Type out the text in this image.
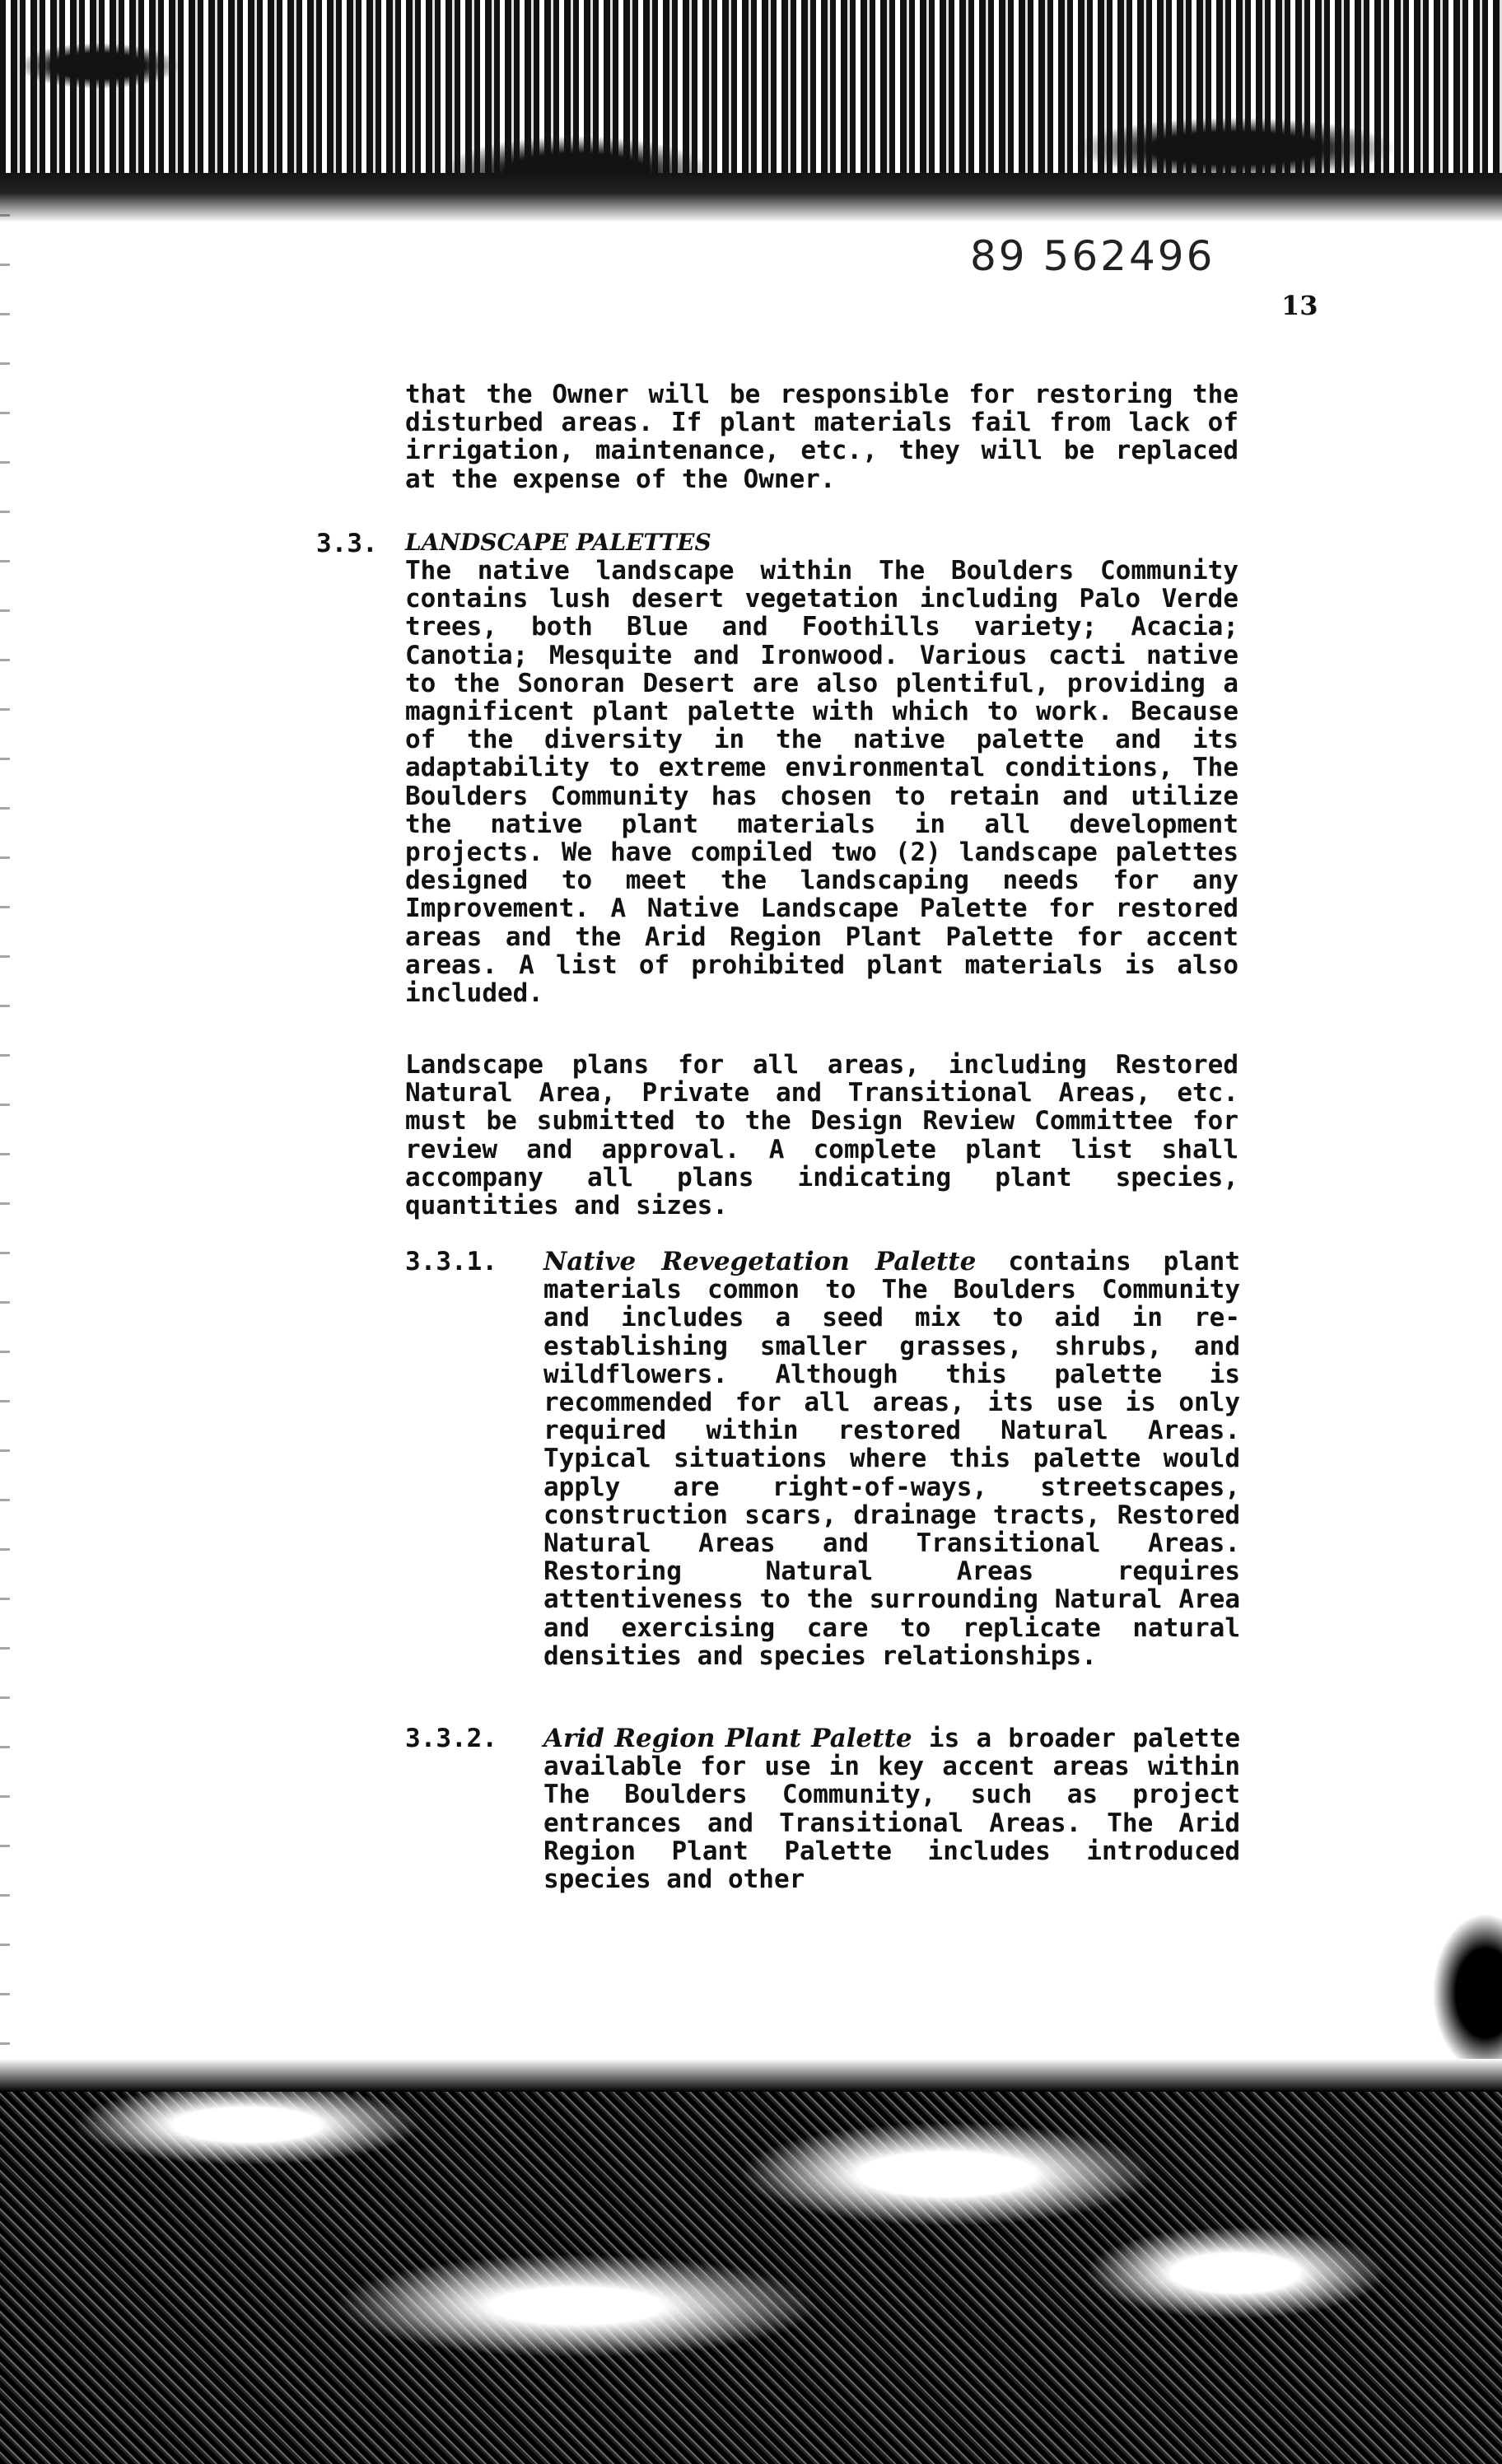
89 562496
13

that the Owner will be responsible for restoring the disturbed areas. If plant materials fail from lack of irrigation, maintenance, etc., they will be replaced at the expense of the Owner.

3.3. LANDSCAPE PALETTES

The native landscape within The Boulders Community contains lush desert vegetation including Palo Verde trees, both Blue and Foothills variety; Acacia; Canotia; Mesquite and Ironwood. Various cacti native to the Sonoran Desert are also plentiful, providing a magnificent plant palette with which to work. Because of the diversity in the native palette and its adaptability to extreme environmental conditions, The Boulders Community has chosen to retain and utilize the native plant materials in all development projects. We have compiled two (2) landscape palettes designed to meet the landscaping needs for any Improvement. A Native Landscape Palette for restored areas and the Arid Region Plant Palette for accent areas. A list of prohibited plant materials is also included.

Landscape plans for all areas, including Restored Natural Area, Private and Transitional Areas, etc. must be submitted to the Design Review Committee for review and approval. A complete plant list shall accompany all plans indicating plant species, quantities and sizes.

3.3.1. Native Revegetation Palette contains plant materials common to The Boulders Community and includes a seed mix to aid in re-establishing smaller grasses, shrubs, and wildflowers. Although this palette is recommended for all areas, its use is only required within restored Natural Areas. Typical situations where this palette would apply are right-of-ways, streetscapes, construction scars, drainage tracts, Restored Natural Areas and Transitional Areas. Restoring Natural Areas requires attentiveness to the surrounding Natural Area and exercising care to replicate natural densities and species relationships.

3.3.2. Arid Region Plant Palette is a broader palette available for use in key accent areas within The Boulders Community, such as project entrances and Transitional Areas. The Arid Region Plant Palette includes introduced species and other
